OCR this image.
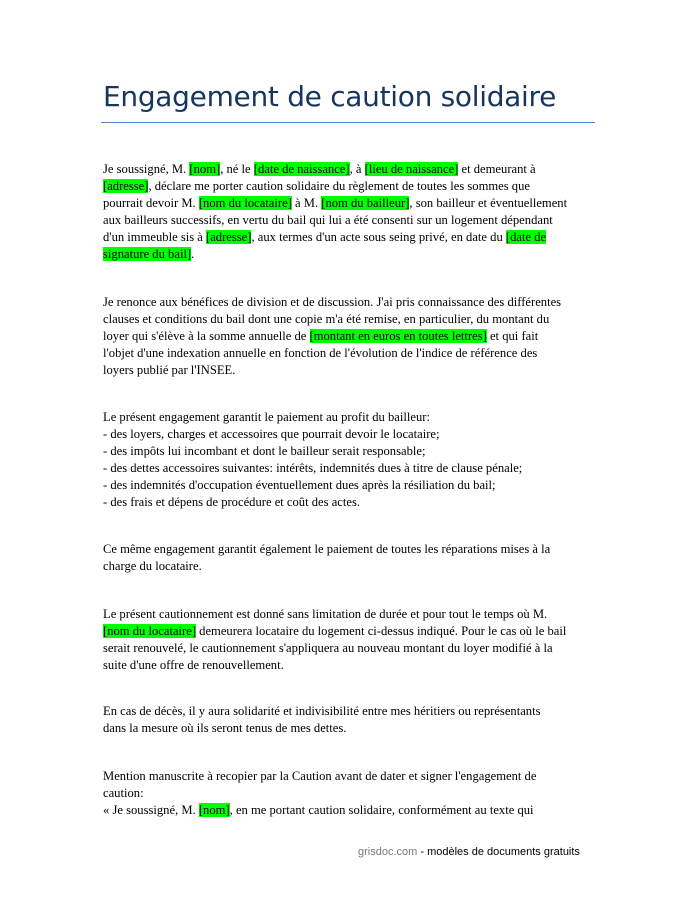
Engagement de caution solidaire

Je soussigné, M. [nom], né le [date de naissance], à [lieu de naissance] et demeurant à
[adresse], déclare me porter caution solidaire du règlement de toutes les sommes que
pourrait devoir M. [nom du locataire] à M. [nom du bailleur], son bailleur et éventuellement
aux bailleurs successifs, en vertu du bail qui lui a été consenti sur un logement dépendant
d'un immeuble sis à [adresse], aux termes d'un acte sous seing privé, en date du [date de
signature du bail].

Je renonce aux bénéfices de division et de discussion. J'ai pris connaissance des différentes
clauses et conditions du bail dont une copie m'a été remise, en particulier, du montant du
loyer qui s'élève à la somme annuelle de [montant en euros en toutes lettres] et qui fait
l'objet d'une indexation annuelle en fonction de l'évolution de l'indice de référence des
loyers publié par l'INSEE.

Le présent engagement garantit le paiement au profit du bailleur:
- des loyers, charges et accessoires que pourrait devoir le locataire;
- des impôts lui incombant et dont le bailleur serait responsable;
- des dettes accessoires suivantes: intérêts, indemnités dues à titre de clause pénale;
- des indemnités d'occupation éventuellement dues après la résiliation du bail;
- des frais et dépens de procédure et coût des actes.

Ce même engagement garantit également le paiement de toutes les réparations mises à la
charge du locataire.

Le présent cautionnement est donné sans limitation de durée et pour tout le temps où M.
[nom du locataire] demeurera locataire du logement ci-dessus indiqué. Pour le cas où le bail
serait renouvelé, le cautionnement s'appliquera au nouveau montant du loyer modifié à la
suite d'une offre de renouvellement.

En cas de décès, il y aura solidarité et indivisibilité entre mes héritiers ou représentants
dans la mesure où ils seront tenus de mes dettes.

Mention manuscrite à recopier par la Caution avant de dater et signer l'engagement de
caution:
« Je soussigné, M. [nom], en me portant caution solidaire, conformément au texte qui

grisdoc.com - modèles de documents gratuits
